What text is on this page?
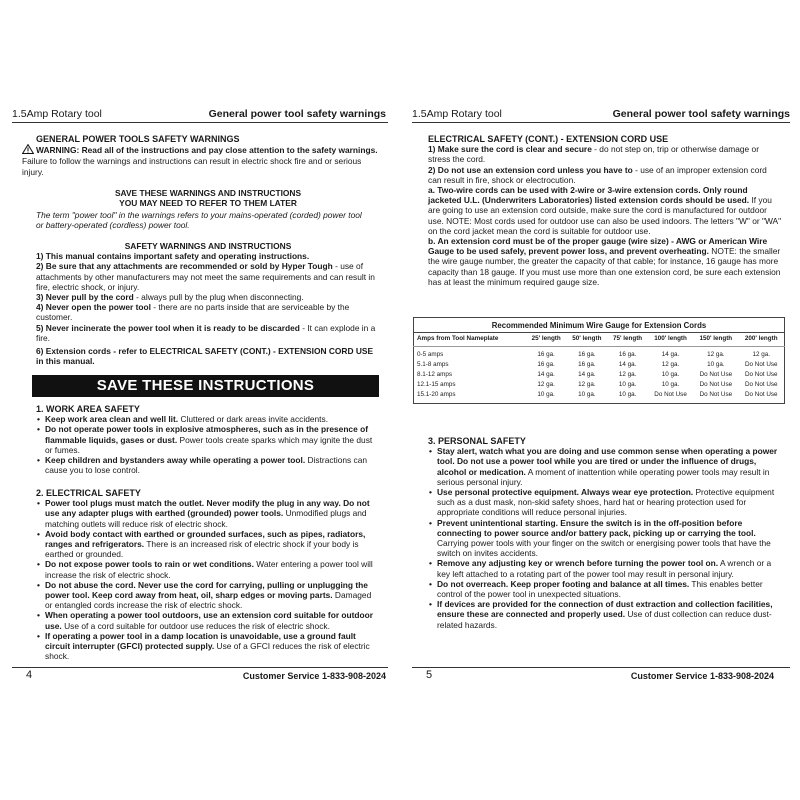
1.5Amp Rotary tool	General power tool safety warnings

GENERAL POWER TOOLS SAFETY WARNINGS

WARNING: Read all of the instructions and pay close attention to the safety warnings. Failure to follow the warnings and instructions can result in electric shock fire and or serious injury.

SAVE THESE WARNINGS AND INSTRUCTIONS

YOU MAY NEED TO REFER TO THEM LATER

The term "power tool" in the warnings refers to your mains-operated (corded) power tool or battery-operated (cordless) power tool.

SAFETY WARNINGS AND INSTRUCTIONS

1) This manual contains important safety and operating instructions.

2) Be sure that any attachments are recommended or sold by Hyper Tough - use of attachments by other manufacturers may not meet the same requirements and can result in fire, electric shock, or injury.

3) Never pull by the cord - always pull by the plug when disconnecting.

4) Never open the power tool - there are no parts inside that are serviceable by the customer.

5) Never incinerate the power tool when it is ready to be discarded - It can explode in a fire.

6) Extension cords - refer to ELECTRICAL SAFETY (CONT.) - EXTENSION CORD USE in this manual.

SAVE THESE INSTRUCTIONS

1. WORK AREA SAFETY

• Keep work area clean and well lit. Cluttered or dark areas invite accidents.
• Do not operate power tools in explosive atmospheres, such as in the presence of flammable liquids, gases or dust. Power tools create sparks which may ignite the dust or fumes.
• Keep children and bystanders away while operating a power tool. Distractions can cause you to lose control.

2. ELECTRICAL SAFETY

• Power tool plugs must match the outlet. Never modify the plug in any way. Do not use any adapter plugs with earthed (grounded) power tools. Unmodified plugs and matching outlets will reduce risk of electric shock.
• Avoid body contact with earthed or grounded surfaces, such as pipes, radiators, ranges and refrigerators. There is an increased risk of electric shock if your body is earthed or grounded.
• Do not expose power tools to rain or wet conditions. Water entering a power tool will increase the risk of electric shock.
• Do not abuse the cord. Never use the cord for carrying, pulling or unplugging the power tool. Keep cord away from heat, oil, sharp edges or moving parts. Damaged or entangled cords increase the risk of electric shock.
• When operating a power tool outdoors, use an extension cord suitable for outdoor use. Use of a cord suitable for outdoor use reduces the risk of electric shock.
• If operating a power tool in a damp location is unavoidable, use a ground fault circuit interrupter (GFCI) protected supply. Use of a GFCI reduces the risk of electric shock.
4	Customer Service 1-833-908-2024
1.5Amp Rotary tool	General power tool safety warnings

ELECTRICAL SAFETY (CONT.) - EXTENSION CORD USE

1) Make sure the cord is clear and secure - do not step on, trip or otherwise damage or stress the cord.

2) Do not use an extension cord unless you have to - use of an improper extension cord can result in fire, shock or electrocution.

a. Two-wire cords can be used with 2-wire or 3-wire extension cords. Only round jacketed U.L. (Underwriters Laboratories) listed extension cords should be used. If you are going to use an extension cord outside, make sure the cord is manufactured for outdoor use. NOTE: Most cords used for outdoor use can also be used indoors. The letters "W" or "WA" on the cord jacket mean the cord is suitable for outdoor use.

b. An extension cord must be of the proper gauge (wire size) - AWG or American Wire Gauge to be used safely, prevent power loss, and prevent overheating. NOTE: the smaller the wire gauge number, the greater the capacity of that cable; for instance, 16 gauge has more capacity than 18 gauge. If you must use more than one extension cord, be sure each extension has at least the minimum required gauge size.

Recommended Minimum Wire Gauge for Extension Cords						
Amps from Tool Nameplate	25' length	50' length	75' length	100' length	150' length	200' length

0-5 amps	16 ga.	16 ga.	16 ga.	14 ga.	12 ga.	12 ga.
5.1-8 amps	16 ga.	16 ga.	14 ga.	12 ga.	10 ga.	Do Not Use
8.1-12 amps	14 ga.	14 ga.	12 ga.	10 ga.	Do Not Use	Do Not Use
12.1-15 amps	12 ga.	12 ga.	10 ga.	10 ga.	Do Not Use	Do Not Use
15.1-20 amps	10 ga.	10 ga.	10 ga.	Do Not Use	Do Not Use	Do Not Use

3. PERSONAL SAFETY

• Stay alert, watch what you are doing and use common sense when operating a power tool. Do not use a power tool while you are tired or under the influence of drugs, alcohol or medication. A moment of inattention while operating power tools may result in serious personal injury.
• Use personal protective equipment. Always wear eye protection. Protective equipment such as a dust mask, non-skid safety shoes, hard hat or hearing protection used for appropriate conditions will reduce personal injuries.
• Prevent unintentional starting. Ensure the switch is in the off-position before connecting to power source and/or battery pack, picking up or carrying the tool. Carrying power tools with your finger on the switch or energising power tools that have the switch on invites accidents.
• Remove any adjusting key or wrench before turning the power tool on. A wrench or a key left attached to a rotating part of the power tool may result in personal injury.
• Do not overreach. Keep proper footing and balance at all times. This enables better control of the power tool in unexpected situations.
• If devices are provided for the connection of dust extraction and collection facilities, ensure these are connected and properly used. Use of dust collection can reduce dust-related hazards.
5	Customer Service 1-833-908-2024
